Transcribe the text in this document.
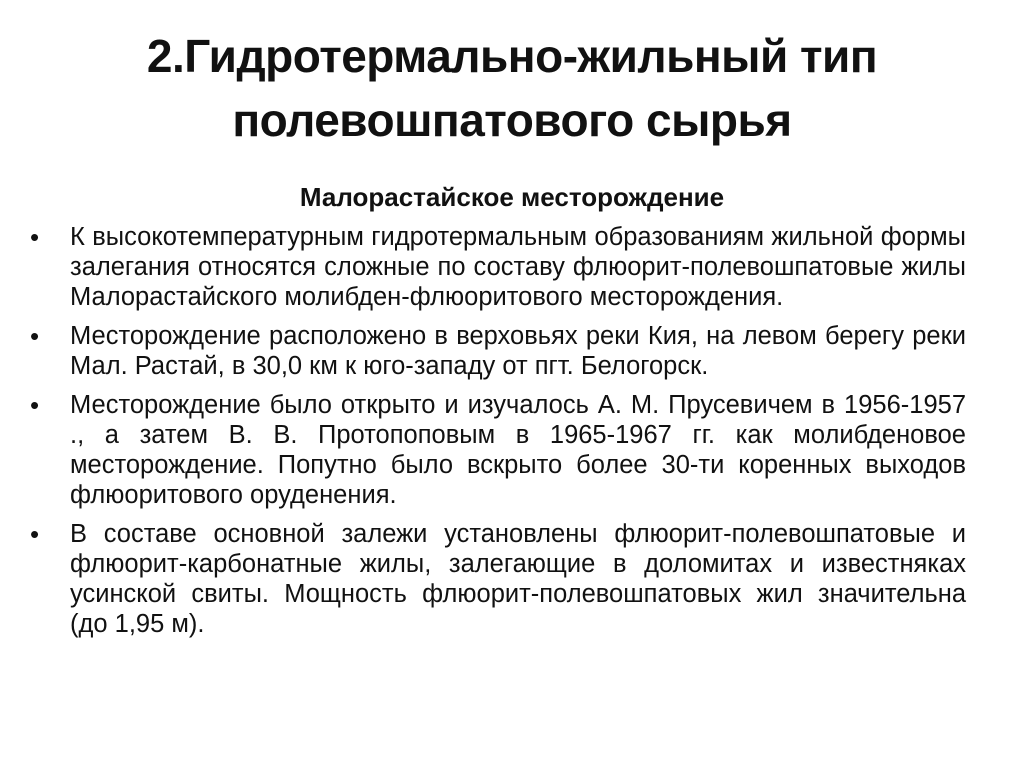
2.Гидротермально-жильный тип
полевошпатового сырья
Малорастайское месторождение
•	К высокотемпературным гидротермальным образованиям жильной формы залегания относятся сложные по составу флюорит-полевошпатовые жилы Малорастайского молибден-флюоритового месторождения.
•	Месторождение расположено в верховьях реки Кия, на левом берегу реки Мал. Растай, в 30,0 км к юго-западу от пгт. Белогорск.
•	Месторождение было открыто и изучалось А. М. Прусевичем в 1956-1957 ., а затем В. В. Протопоповым в 1965-1967 гг. как молибденовое месторождение. Попутно было вскрыто более 30-ти коренных выходов флюоритового оруденения.
•	В составе основной залежи установлены флюорит-полевошпатовые и флюорит-карбонатные жилы, залегающие в доломитах и известняках усинской свиты. Мощность флюорит-полевошпатовых жил значительна (до 1,95 м).
